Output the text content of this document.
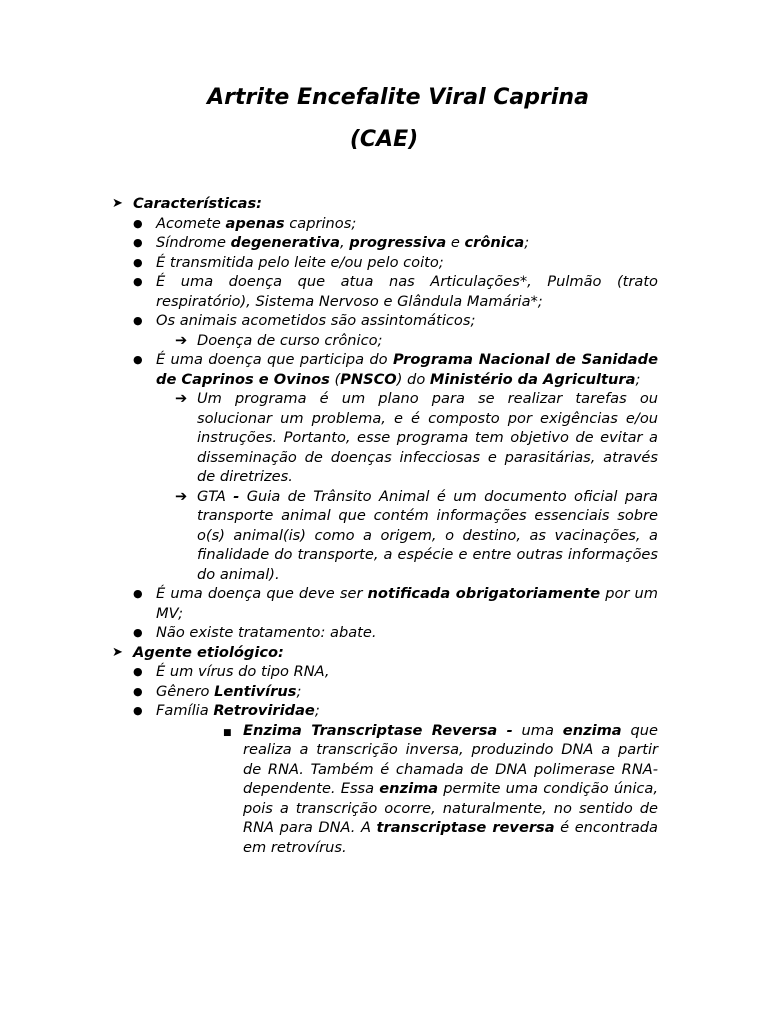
Artrite Encefalite Viral Caprina
(CAE)
➤ Características:
● Acomete apenas caprinos;
● Síndrome degenerativa, progressiva e crônica;
● É transmitida pelo leite e/ou pelo coito;
● É uma doença que atua nas Articulações*, Pulmão (trato respiratório), Sistema Nervoso e Glândula Mamária*;
● Os animais acometidos são assintomáticos;
➔ Doença de curso crônico;
● É uma doença que participa do Programa Nacional de Sanidade de Caprinos e Ovinos (PNSCO) do Ministério da Agricultura;
➔ Um programa é um plano para se realizar tarefas ou solucionar um problema, e é composto por exigências e/ou instruções. Portanto, esse programa tem objetivo de evitar a disseminação de doenças infecciosas e parasitárias, através de diretrizes.
➔ GTA - Guia de Trânsito Animal é um documento oficial para transporte animal que contém informações essenciais sobre o(s) animal(is) como a origem, o destino, as vacinações, a finalidade do transporte, a espécie e entre outras informações do animal).
● É uma doença que deve ser notificada obrigatoriamente por um MV;
● Não existe tratamento: abate.
➤ Agente etiológico:
● É um vírus do tipo RNA,
● Gênero Lentivírus;
● Família Retroviridae;
■ Enzima Transcriptase Reversa - uma enzima que realiza a transcrição inversa, produzindo DNA a partir de RNA. Também é chamada de DNA polimerase RNA-dependente. Essa enzima permite uma condição única, pois a transcrição ocorre, naturalmente, no sentido de RNA para DNA. A transcriptase reversa é encontrada em retrovírus.
